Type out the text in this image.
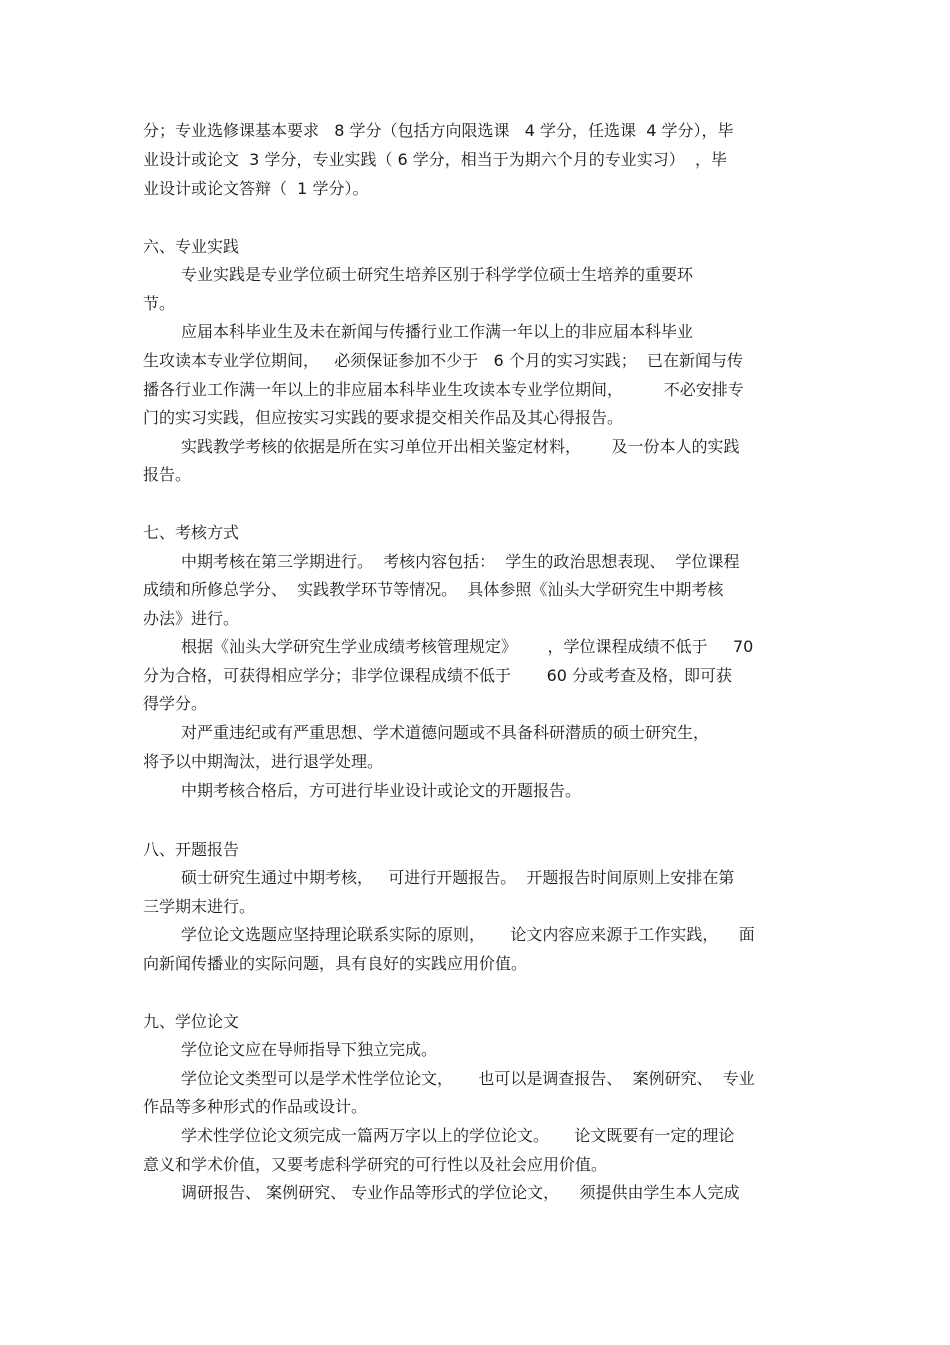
分；专业选修课基本要求   8 学分（包括方向限选课   4 学分，任选课  4 学分），毕

业设计或论文  3 学分，专业实践（ 6 学分，相当于为期六个月的专业实习）  ，毕

业设计或论文答辩（  1 学分）。

六、专业实践

专业实践是专业学位硕士研究生培养区别于科学学位硕士生培养的重要环

节。

应届本科毕业生及未在新闻与传播行业工作满一年以上的非应届本科毕业

生攻读本专业学位期间，   必须保证参加不少于   6 个月的实习实践；  已在新闻与传

播各行业工作满一年以上的非应届本科毕业生攻读本专业学位期间，        不必安排专

门的实习实践，但应按实习实践的要求提交相关作品及其心得报告。

实践教学考核的依据是所在实习单位开出相关鉴定材料，      及一份本人的实践

报告。

七、考核方式

中期考核在第三学期进行。  考核内容包括：  学生的政治思想表现、  学位课程

成绩和所修总学分、  实践教学环节等情况。  具体参照《汕头大学研究生中期考核

办法》进行。

根据《汕头大学研究生学业成绩考核管理规定》      ，学位课程成绩不低于     70

分为合格，可获得相应学分；非学位课程成绩不低于       60 分或考查及格，即可获

得学分。

对严重违纪或有严重思想、学术道德问题或不具备科研潜质的硕士研究生，

将予以中期淘汰，进行退学处理。

中期考核合格后，方可进行毕业设计或论文的开题报告。

八、开题报告

硕士研究生通过中期考核，   可进行开题报告。  开题报告时间原则上安排在第

三学期末进行。

学位论文选题应坚持理论联系实际的原则，     论文内容应来源于工作实践，    面

向新闻传播业的实际问题，具有良好的实践应用价值。

九、学位论文

学位论文应在导师指导下独立完成。

学位论文类型可以是学术性学位论文，     也可以是调查报告、  案例研究、  专业

作品等多种形式的作品或设计。

学术性学位论文须完成一篇两万字以上的学位论文。     论文既要有一定的理论

意义和学术价值，又要考虑科学研究的可行性以及社会应用价值。

调研报告、 案例研究、 专业作品等形式的学位论文，    须提供由学生本人完成
